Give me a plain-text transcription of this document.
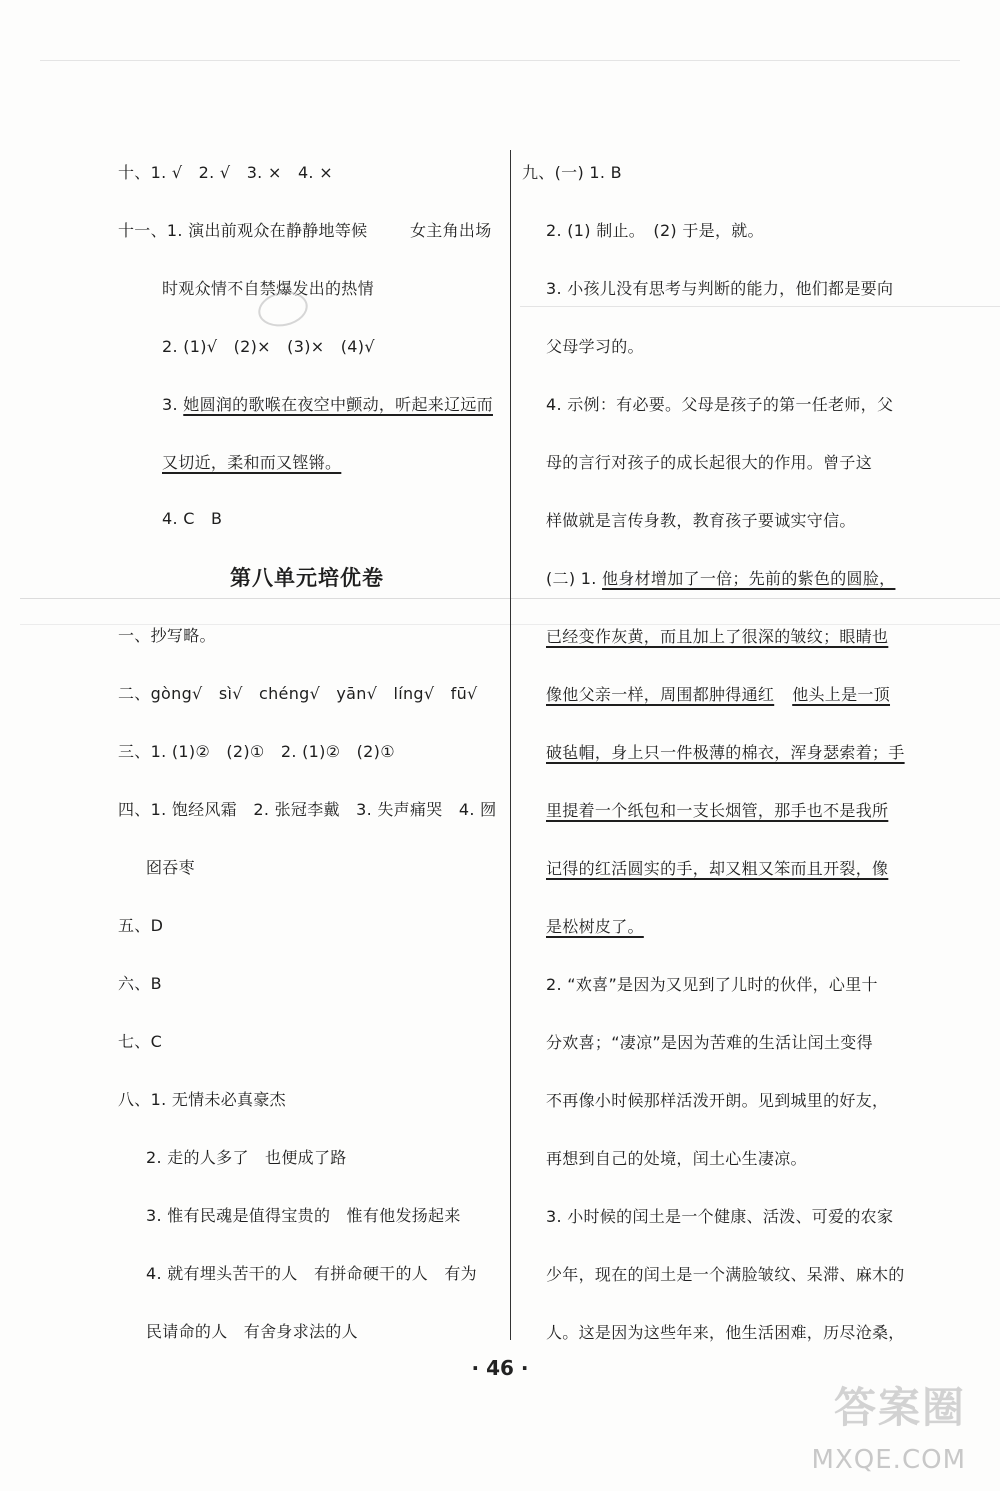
十、1. √　2. √　3. ×　4. ×
十一、1. 演出前观众在静静地等候	女主角出场
时观众情不自禁爆发出的热情
2. (1)√　(2)×　(3)×　(4)√
3. 她圆润的歌喉在夜空中颤动，听起来辽远而
又切近，柔和而又铿锵。
4. C　B
第八单元培优卷
一、抄写略。
二、gòng√　sì√　chéng√　yān√　líng√　fū√
三、1. (1)②　(2)①　2. (1)②　(2)①
四、1. 饱经风霜　2. 张冠李戴　3. 失声痛哭　4. 囫
囵吞枣
五、D
六、B
七、C
八、1. 无情未必真豪杰
2. 走的人多了　也便成了路
3. 惟有民魂是值得宝贵的　惟有他发扬起来
4. 就有埋头苦干的人　有拼命硬干的人　有为
民请命的人　有舍身求法的人
九、(一) 1. B
2. (1) 制止。　(2) 于是，就。
3. 小孩儿没有思考与判断的能力，他们都是要向
父母学习的。
4. 示例：有必要。父母是孩子的第一任老师，父
母的言行对孩子的成长起很大的作用。曾子这
样做就是言传身教，教育孩子要诚实守信。
(二) 1. 他身材增加了一倍；先前的紫色的圆脸，
已经变作灰黄，而且加上了很深的皱纹；眼睛也
像他父亲一样，周围都肿得通红 他头上是一顶
破毡帽，身上只一件极薄的棉衣，浑身瑟索着；手
里提着一个纸包和一支长烟管，那手也不是我所
记得的红活圆实的手，却又粗又笨而且开裂，像
是松树皮了。
2. “欢喜”是因为又见到了儿时的伙伴，心里十
分欢喜；“凄凉”是因为苦难的生活让闰土变得
不再像小时候那样活泼开朗。见到城里的好友，
再想到自己的处境，闰土心生凄凉。
3. 小时候的闰土是一个健康、活泼、可爱的农家
少年，现在的闰土是一个满脸皱纹、呆滞、麻木的
人。这是因为这些年来，他生活困难，历尽沧桑，
· 46 ·
答案圈
MXQE.COM
